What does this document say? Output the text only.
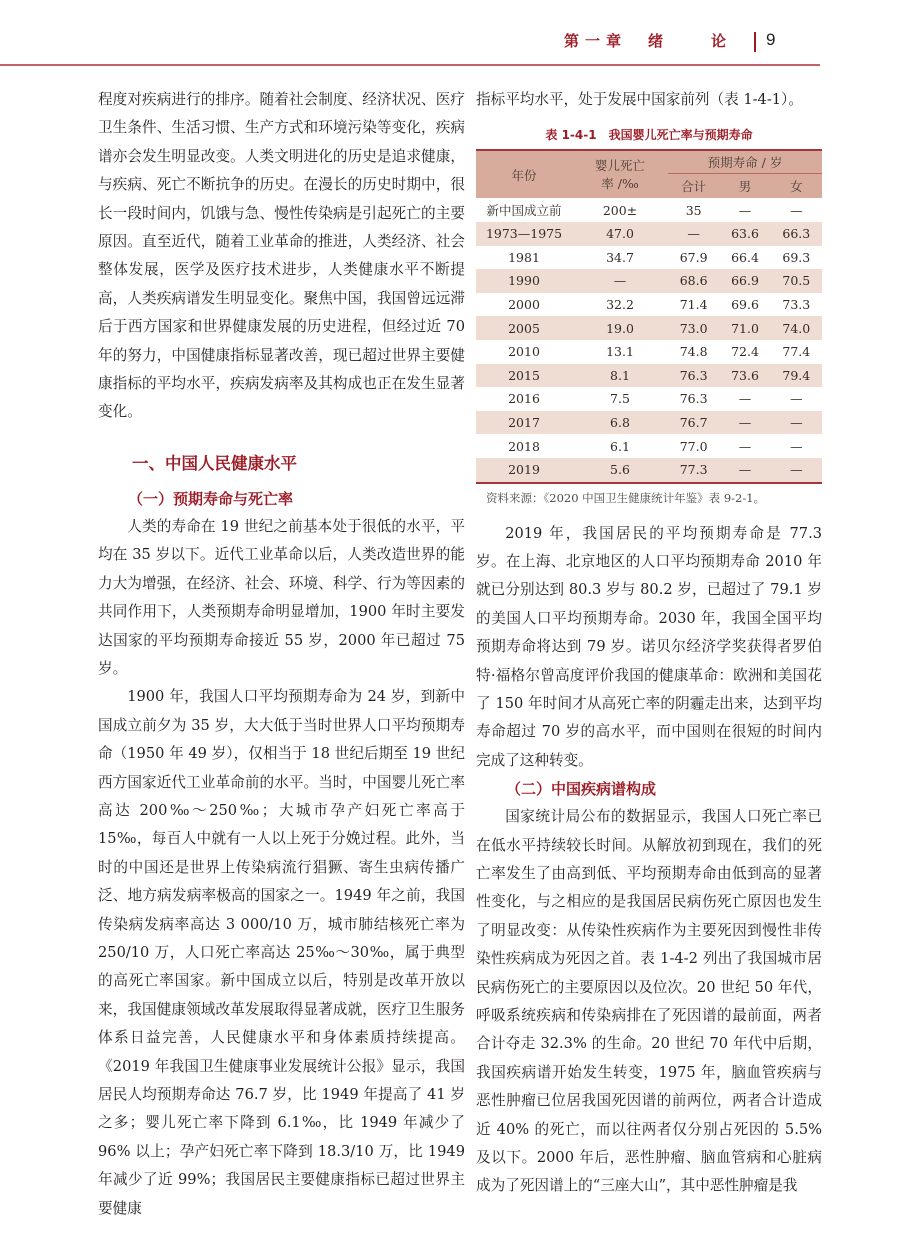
第一章　绪　　论 9

程度对疾病进行的排序。随着社会制度、经济状况、医疗卫生条件、生活习惯、生产方式和环境污染等变化，疾病谱亦会发生明显改变。人类文明进化的历史是追求健康，与疾病、死亡不断抗争的历史。在漫长的历史时期中，很长一段时间内，饥饿与急、慢性传染病是引起死亡的主要原因。直至近代，随着工业革命的推进，人类经济、社会整体发展，医学及医疗技术进步，人类健康水平不断提高，人类疾病谱发生明显变化。聚焦中国，我国曾远远滞后于西方国家和世界健康发展的历史进程，但经过近 70 年的努力，中国健康指标显著改善，现已超过世界主要健康指标的平均水平，疾病发病率及其构成也正在发生显著变化。

一、中国人民健康水平
（一）预期寿命与死亡率

人类的寿命在 19 世纪之前基本处于很低的水平，平均在 35 岁以下。近代工业革命以后，人类改造世界的能力大为增强，在经济、社会、环境、科学、行为等因素的共同作用下，人类预期寿命明显增加，1900 年时主要发达国家的平均预期寿命接近 55 岁，2000 年已超过 75 岁。

1900 年，我国人口平均预期寿命为 24 岁，到新中国成立前夕为 35 岁，大大低于当时世界人口平均预期寿命（1950 年 49 岁），仅相当于 18 世纪后期至 19 世纪西方国家近代工业革命前的水平。当时，中国婴儿死亡率高达 200‰～250‰；大城市孕产妇死亡率高于 15‰，每百人中就有一人以上死于分娩过程。此外，当时的中国还是世界上传染病流行猖獗、寄生虫病传播广泛、地方病发病率极高的国家之一。1949 年之前，我国传染病发病率高达 3 000/10 万，城市肺结核死亡率为 250/10 万，人口死亡率高达 25‰～30‰，属于典型的高死亡率国家。新中国成立以后，特别是改革开放以来，我国健康领域改革发展取得显著成就，医疗卫生服务体系日益完善，人民健康水平和身体素质持续提高。《2019 年我国卫生健康事业发展统计公报》显示，我国居民人均预期寿命达 76.7 岁，比 1949 年提高了 41 岁之多；婴儿死亡率下降到 6.1‰，比 1949 年减少了 96% 以上；孕产妇死亡率下降到 18.3/10 万，比 1949 年减少了近 99%；我国居民主要健康指标已超过世界主要健康

指标平均水平，处于发展中国家前列（表 1-4-1）。

表 1-4-1　我国婴儿死亡率与预期寿命
年份	婴儿死亡	预期寿命 / 岁		
	率 /‰	合计	男	女
新中国成立前	200±	35	—	—
1973—1975	47.0	—	63.6	66.3
1981	34.7	67.9	66.4	69.3
1990	—	68.6	66.9	70.5
2000	32.2	71.4	69.6	73.3
2005	19.0	73.0	71.0	74.0
2010	13.1	74.8	72.4	77.4
2015	8.1	76.3	73.6	79.4
2016	7.5	76.3	—	—
2017	6.8	76.7	—	—
2018	6.1	77.0	—	—
2019	5.6	77.3	—	—
资料来源：《2020 中国卫生健康统计年鉴》表 9-2-1。

2019 年，我国居民的平均预期寿命是 77.3 岁。在上海、北京地区的人口平均预期寿命 2010 年就已分别达到 80.3 岁与 80.2 岁，已超过了 79.1 岁的美国人口平均预期寿命。2030 年，我国全国平均预期寿命将达到 79 岁。诺贝尔经济学奖获得者罗伯特·福格尔曾高度评价我国的健康革命：欧洲和美国花了 150 年时间才从高死亡率的阴霾走出来，达到平均寿命超过 70 岁的高水平，而中国则在很短的时间内完成了这种转变。

（二）中国疾病谱构成

国家统计局公布的数据显示，我国人口死亡率已在低水平持续较长时间。从解放初到现在，我们的死亡率发生了由高到低、平均预期寿命由低到高的显著性变化，与之相应的是我国居民病伤死亡原因也发生了明显改变：从传染性疾病作为主要死因到慢性非传染性疾病成为死因之首。表 1-4-2 列出了我国城市居民病伤死亡的主要原因以及位次。20 世纪 50 年代，呼吸系统疾病和传染病排在了死因谱的最前面，两者合计夺走 32.3% 的生命。20 世纪 70 年代中后期，我国疾病谱开始发生转变，1975 年，脑血管疾病与恶性肿瘤已位居我国死因谱的前两位，两者合计造成近 40% 的死亡，而以往两者仅分别占死因的 5.5% 及以下。2000 年后，恶性肿瘤、脑血管病和心脏病成为了死因谱上的“三座大山”，其中恶性肿瘤是我
